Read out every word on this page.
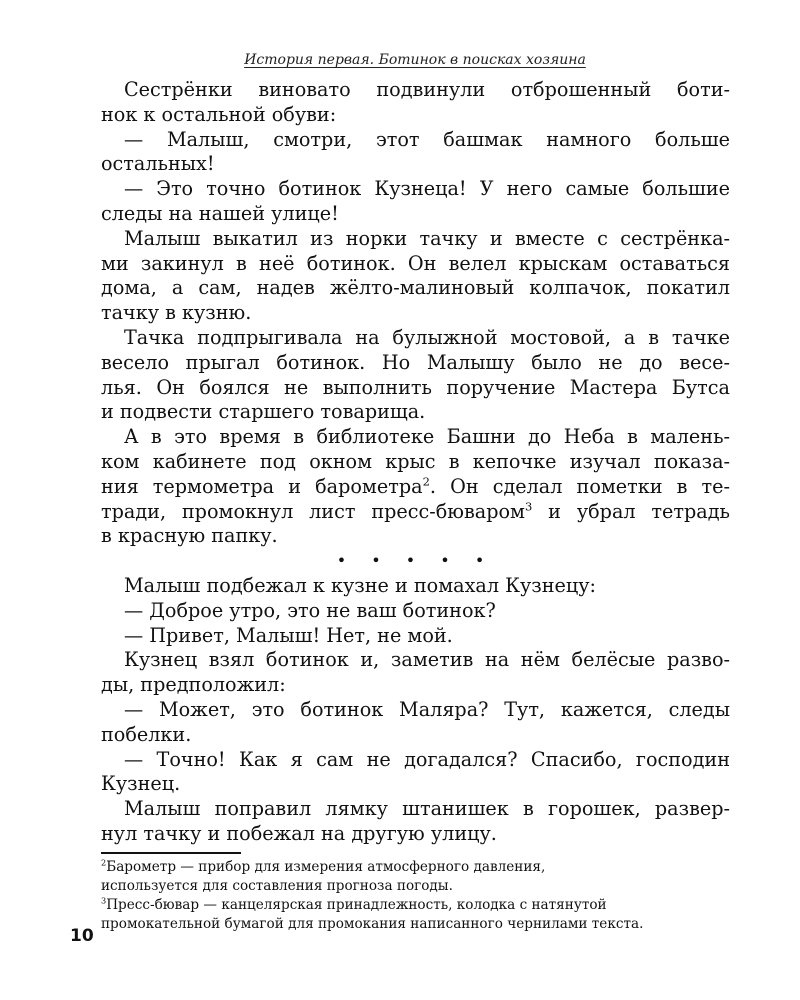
История первая. Ботинок в поисках хозяина
Сестрёнки виновато подвинули отброшенный боти-
нок к остальной обуви:
— Малыш, смотри, этот башмак намного больше
остальных!
— Это точно ботинок Кузнеца! У него самые большие
следы на нашей улице!
Малыш выкатил из норки тачку и вместе с сестрёнка-
ми закинул в неё ботинок. Он велел крыскам оставаться
дома, а сам, надев жёлто-малиновый колпачок, покатил
тачку в кузню.
Тачка подпрыгивала на булыжной мостовой, а в тачке
весело прыгал ботинок. Но Малышу было не до весе-
лья. Он боялся не выполнить поручение Мастера Бутса
и подвести старшего товарища.
А в это время в библиотеке Башни до Неба в малень-
ком кабинете под окном крыс в кепочке изучал показа-
ния термометра и барометра$^2$. Он сделал пометки в те-
тради, промокнул лист пресс-бюваром$^3$ и убрал тетрадь
в красную папку.
• • • • •
Малыш подбежал к кузне и помахал Кузнецу:
— Доброе утро, это не ваш ботинок?
— Привет, Малыш! Нет, не мой.
Кузнец взял ботинок и, заметив на нём белёсые разво-
ды, предположил:
— Может, это ботинок Маляра? Тут, кажется, следы
побелки.
— Точно! Как я сам не догадался? Спасибо, господин
Кузнец.
Малыш поправил лямку штанишек в горошек, развер-
нул тачку и побежал на другую улицу.
$^2$Барометр — прибор для измерения атмосферного давления,
используется для составления прогноза погоды.
$^3$Пресс-бювар — канцелярская принадлежность, колодка с натянутой
промокательной бумагой для промокания написанного чернилами текста.
10
